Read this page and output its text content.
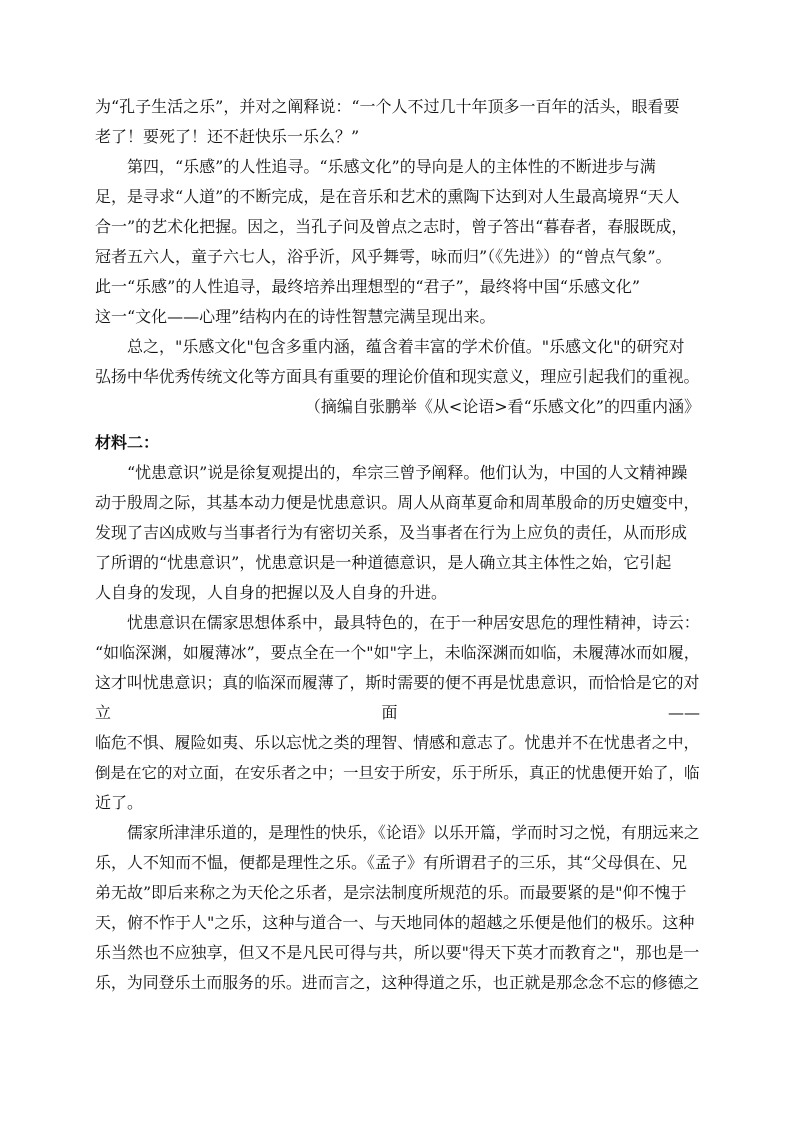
为“孔子生活之乐”，并对之阐释说：“一个人不过几十年顶多一百年的活头，眼看要
老了！要死了！还不赶快乐一乐么？”
第四，“乐感”的人性追寻。“乐感文化”的导向是人的主体性的不断进步与满
足，是寻求“人道”的不断完成，是在音乐和艺术的熏陶下达到对人生最高境界“天人
合一”的艺术化把握。因之，当孔子问及曾点之志时，曾子答出“暮春者，春服既成，
冠者五六人，童子六七人，浴乎沂，风乎舞雩，咏而归”（《先进》）的“曾点气象”。
此一“乐感”的人性追寻，最终培养出理想型的“君子”，最终将中国“乐感文化”
这一“文化——心理”结构内在的诗性智慧完满呈现出来。
总之，"乐感文化"包含多重内涵，蕴含着丰富的学术价值。"乐感文化"的研究对
弘扬中华优秀传统文化等方面具有重要的理论价值和现实意义，理应引起我们的重视。

（摘编自张鹏举《从<论语>看“乐感文化”的四重内涵》

材料二：

“忧患意识”说是徐复观提出的，牟宗三曾予阐释。他们认为，中国的人文精神躁
动于殷周之际，其基本动力便是忧患意识。周人从商革夏命和周革殷命的历史嬗变中，
发现了吉凶成败与当事者行为有密切关系，及当事者在行为上应负的责任，从而形成
了所谓的“忧患意识”，忧患意识是一种道德意识，是人确立其主体性之始，它引起
人自身的发现，人自身的把握以及人自身的升进。
忧患意识在儒家思想体系中，最具特色的，在于一种居安思危的理性精神，诗云：
“如临深渊，如履薄冰”，要点全在一个"如"字上，未临深渊而如临，未履薄冰而如履，
这才叫忧患意识；真的临深而履薄了，斯时需要的便不再是忧患意识，而恰恰是它的对
立	面	——
临危不惧、履险如夷、乐以忘忧之类的理智、情感和意志了。忧患并不在忧患者之中，
倒是在它的对立面，在安乐者之中；一旦安于所安，乐于所乐，真正的忧患便开始了，临
近了。
儒家所津津乐道的，是理性的快乐，《论语》以乐开篇，学而时习之悦，有朋远来之
乐，人不知而不愠，便都是理性之乐。《孟子》有所谓君子的三乐，其“父母俱在、兄
弟无故”即后来称之为天伦之乐者，是宗法制度所规范的乐。而最要紧的是"仰不愧于
天，俯不怍于人"之乐，这种与道合一、与天地同体的超越之乐便是他们的极乐。这种
乐当然也不应独享，但又不是凡民可得与共，所以要"得天下英才而教育之"，那也是一
乐，为同登乐土而服务的乐。进而言之，这种得道之乐，也正就是那念念不忘的修德之
